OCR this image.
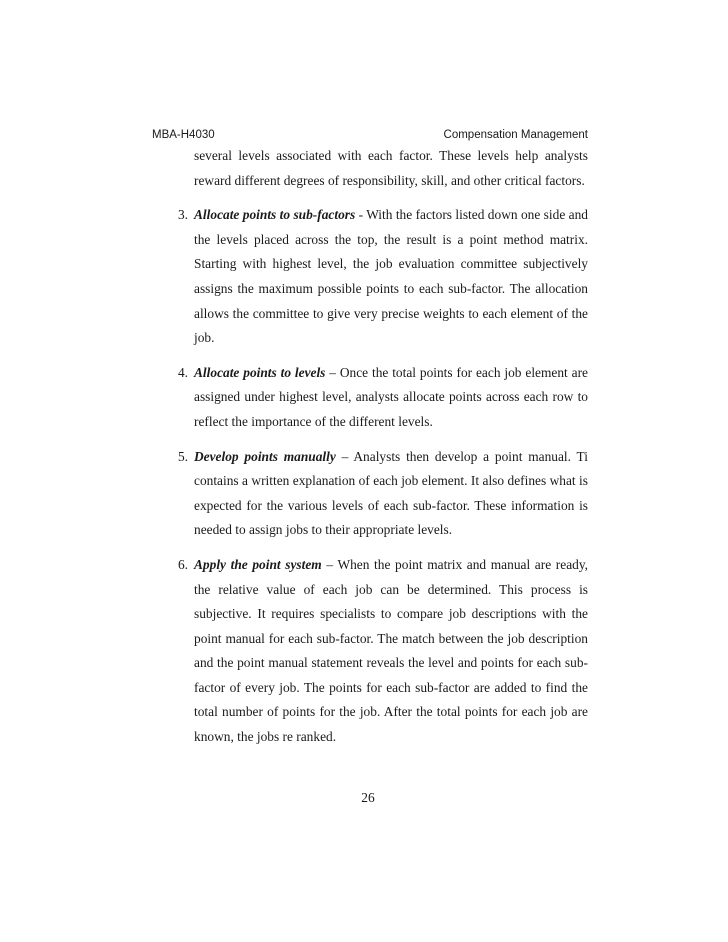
MBA-H4030	Compensation Management

several levels associated with each factor. These levels help analysts reward different degrees of responsibility, skill, and other critical factors.

3. Allocate points to sub-factors - With the factors listed down one side and the levels placed across the top, the result is a point method matrix. Starting with highest level, the job evaluation committee subjectively assigns the maximum possible points to each sub-factor. The allocation allows the committee to give very precise weights to each element of the job.

4. Allocate points to levels – Once the total points for each job element are assigned under highest level, analysts allocate points across each row to reflect the importance of the different levels.

5. Develop points manually – Analysts then develop a point manual. Ti contains a written explanation of each job element. It also defines what is expected for the various levels of each sub-factor. These information is needed to assign jobs to their appropriate levels.

6. Apply the point system – When the point matrix and manual are ready, the relative value of each job can be determined. This process is subjective. It requires specialists to compare job descriptions with the point manual for each sub-factor. The match between the job description and the point manual statement reveals the level and points for each sub-factor of every job. The points for each sub-factor are added to find the total number of points for the job. After the total points for each job are known, the jobs re ranked.

26
